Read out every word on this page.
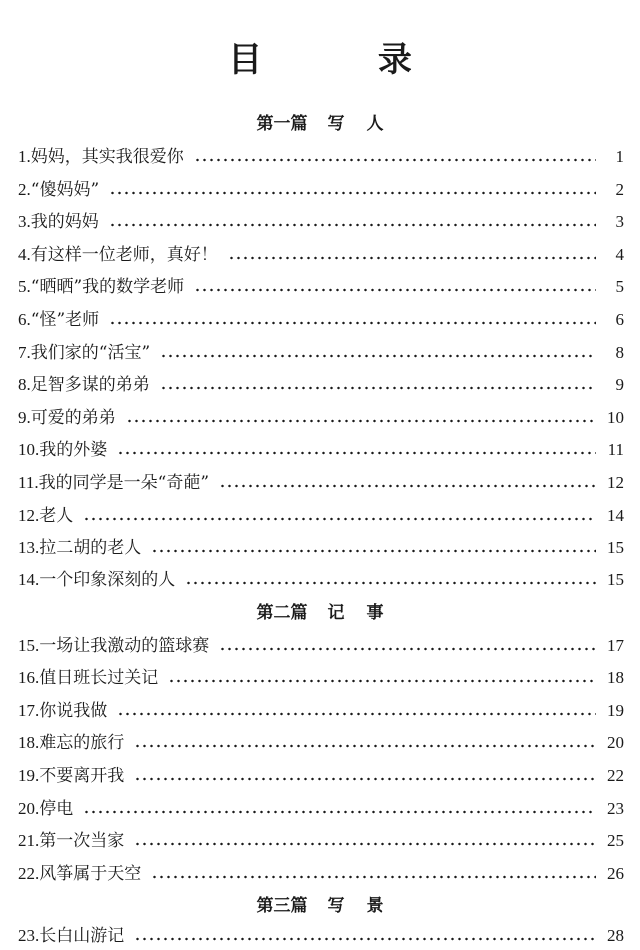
目 录
第一篇 写 人
1. 妈妈，其实我很爱你	1
2. “傻妈妈”	2
3. 我的妈妈	3
4. 有这样一位老师，真好！	4
5. “晒晒”我的数学老师	5
6. “怪”老师	6
7. 我们家的“活宝”	8
8. 足智多谋的弟弟	9
9. 可爱的弟弟	10
10. 我的外婆	11
11. 我的同学是一朵“奇葩”	12
12. 老人	14
13. 拉二胡的老人	15
14. 一个印象深刻的人	15
第二篇 记 事
15. 一场让我激动的篮球赛	17
16. 值日班长过关记	18
17. 你说我做	19
18. 难忘的旅行	20
19. 不要离开我	22
20. 停电	23
21. 第一次当家	25
22. 风筝属于天空	26
第三篇 写 景
23. 长白山游记	28
